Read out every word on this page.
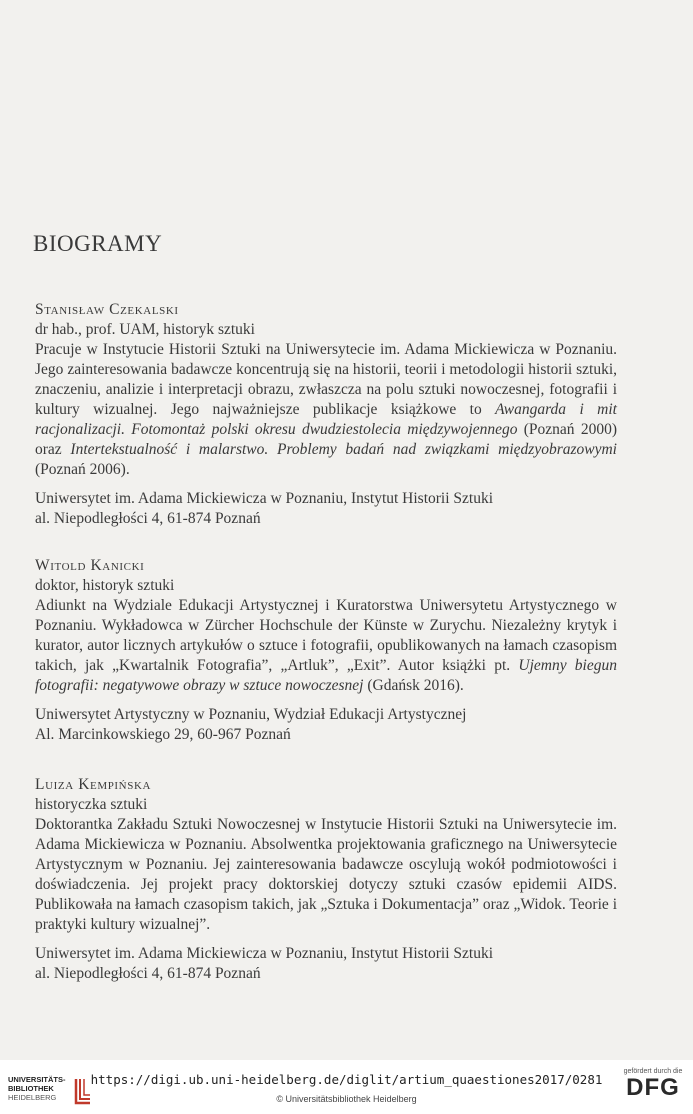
BIOGRAMY
Stanisław Czekalski
dr hab., prof. UAM, historyk sztuki
Pracuje w Instytucie Historii Sztuki na Uniwersytecie im. Adama Mickiewicza w Poznaniu. Jego zainteresowania badawcze koncentrują się na historii, teorii i metodologii historii sztuki, znaczeniu, analizie i interpretacji obrazu, zwłaszcza na polu sztuki nowoczesnej, fotografii i kultury wizualnej. Jego najważniejsze publikacje książkowe to Awangarda i mit racjonalizacji. Fotomontaż polski okresu dwudziestolecia międzywojennego (Poznań 2000) oraz Intertekstualność i malarstwo. Problemy badań nad związkami międzyobrazowymi (Poznań 2006).
Uniwersytet im. Adama Mickiewicza w Poznaniu, Instytut Historii Sztuki
al. Niepodległości 4, 61-874 Poznań
Witold Kanicki
doktor, historyk sztuki
Adiunkt na Wydziale Edukacji Artystycznej i Kuratorstwa Uniwersytetu Artystycznego w Poznaniu. Wykładowca w Zürcher Hochschule der Künste w Zurychu. Niezależny krytyk i kurator, autor licznych artykułów o sztuce i fotografii, opublikowanych na łamach czasopism takich, jak „Kwartalnik Fotografia”, „Artluk”, „Exit”. Autor książki pt. Ujemny biegun fotografii: negatywowe obrazy w sztuce nowoczesnej (Gdańsk 2016).
Uniwersytet Artystyczny w Poznaniu, Wydział Edukacji Artystycznej
Al. Marcinkowskiego 29, 60-967 Poznań
Luiza Kempińska
historyczka sztuki
Doktorantka Zakładu Sztuki Nowoczesnej w Instytucie Historii Sztuki na Uniwersytecie im. Adama Mickiewicza w Poznaniu. Absolwentka projektowania graficznego na Uniwersytecie Artystycznym w Poznaniu. Jej zainteresowania badawcze oscylują wokół podmiotowości i doświadczenia. Jej projekt pracy doktorskiej dotyczy sztuki czasów epidemii AIDS. Publikowała na łamach czasopism takich, jak „Sztuka i Dokumentacja” oraz „Widok. Teorie i praktyki kultury wizualnej”.
Uniwersytet im. Adama Mickiewicza w Poznaniu, Instytut Historii Sztuki
al. Niepodległości 4, 61-874 Poznań
UNIVERSITÄTS-
BIBLIOTHEK
HEIDELBERG
https://digi.ub.uni-heidelberg.de/diglit/artium_quaestiones2017/0281
© Universitätsbibliothek Heidelberg
gefördert durch die
DFG
